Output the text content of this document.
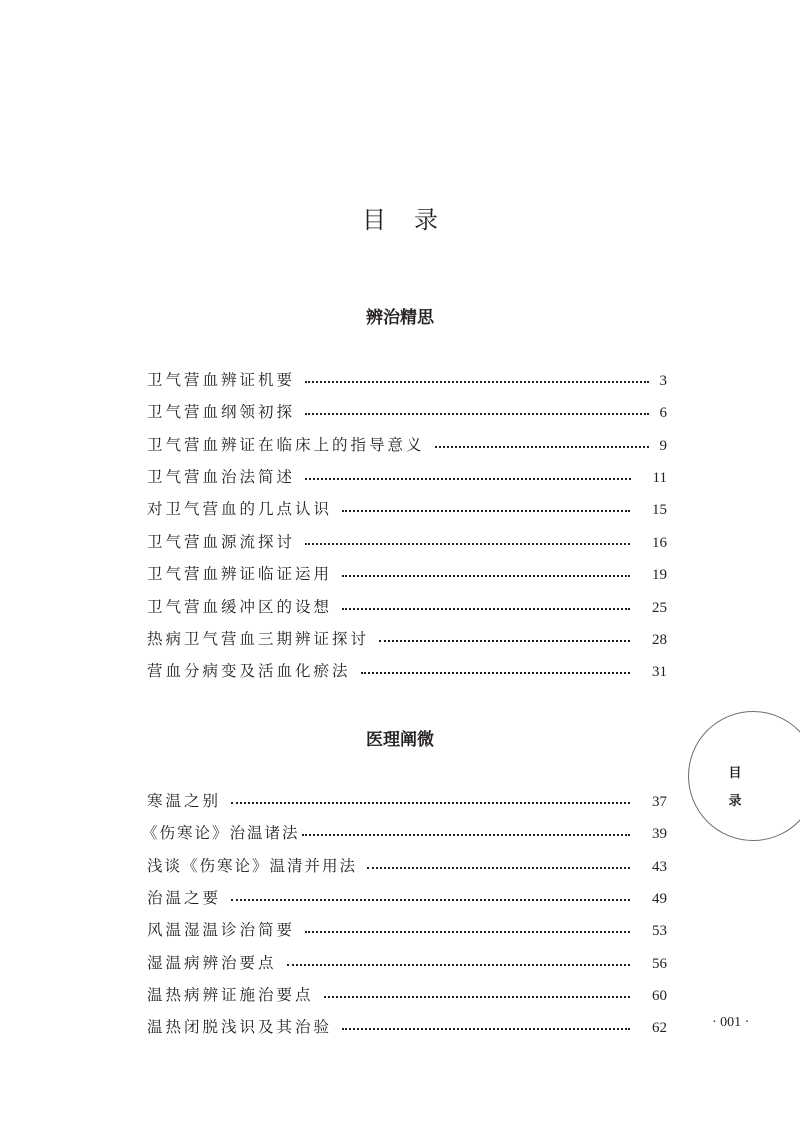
目录
辨治精思
卫气营血辨证机要	3
卫气营血纲领初探	6
卫气营血辨证在临床上的指导意义	9
卫气营血治法简述	11
对卫气营血的几点认识	15
卫气营血源流探讨	16
卫气营血辨证临证运用	19
卫气营血缓冲区的设想	25
热病卫气营血三期辨证探讨	28
营血分病变及活血化瘀法	31
医理阐微
寒温之别	37
《伤寒论》治温诸法	39
浅谈《伤寒论》温清并用法	43
治温之要	49
风温湿温诊治简要	53
湿温病辨治要点	56
温热病辨证施治要点	60
温热闭脱浅识及其治验	62
目
录
· 001 ·
